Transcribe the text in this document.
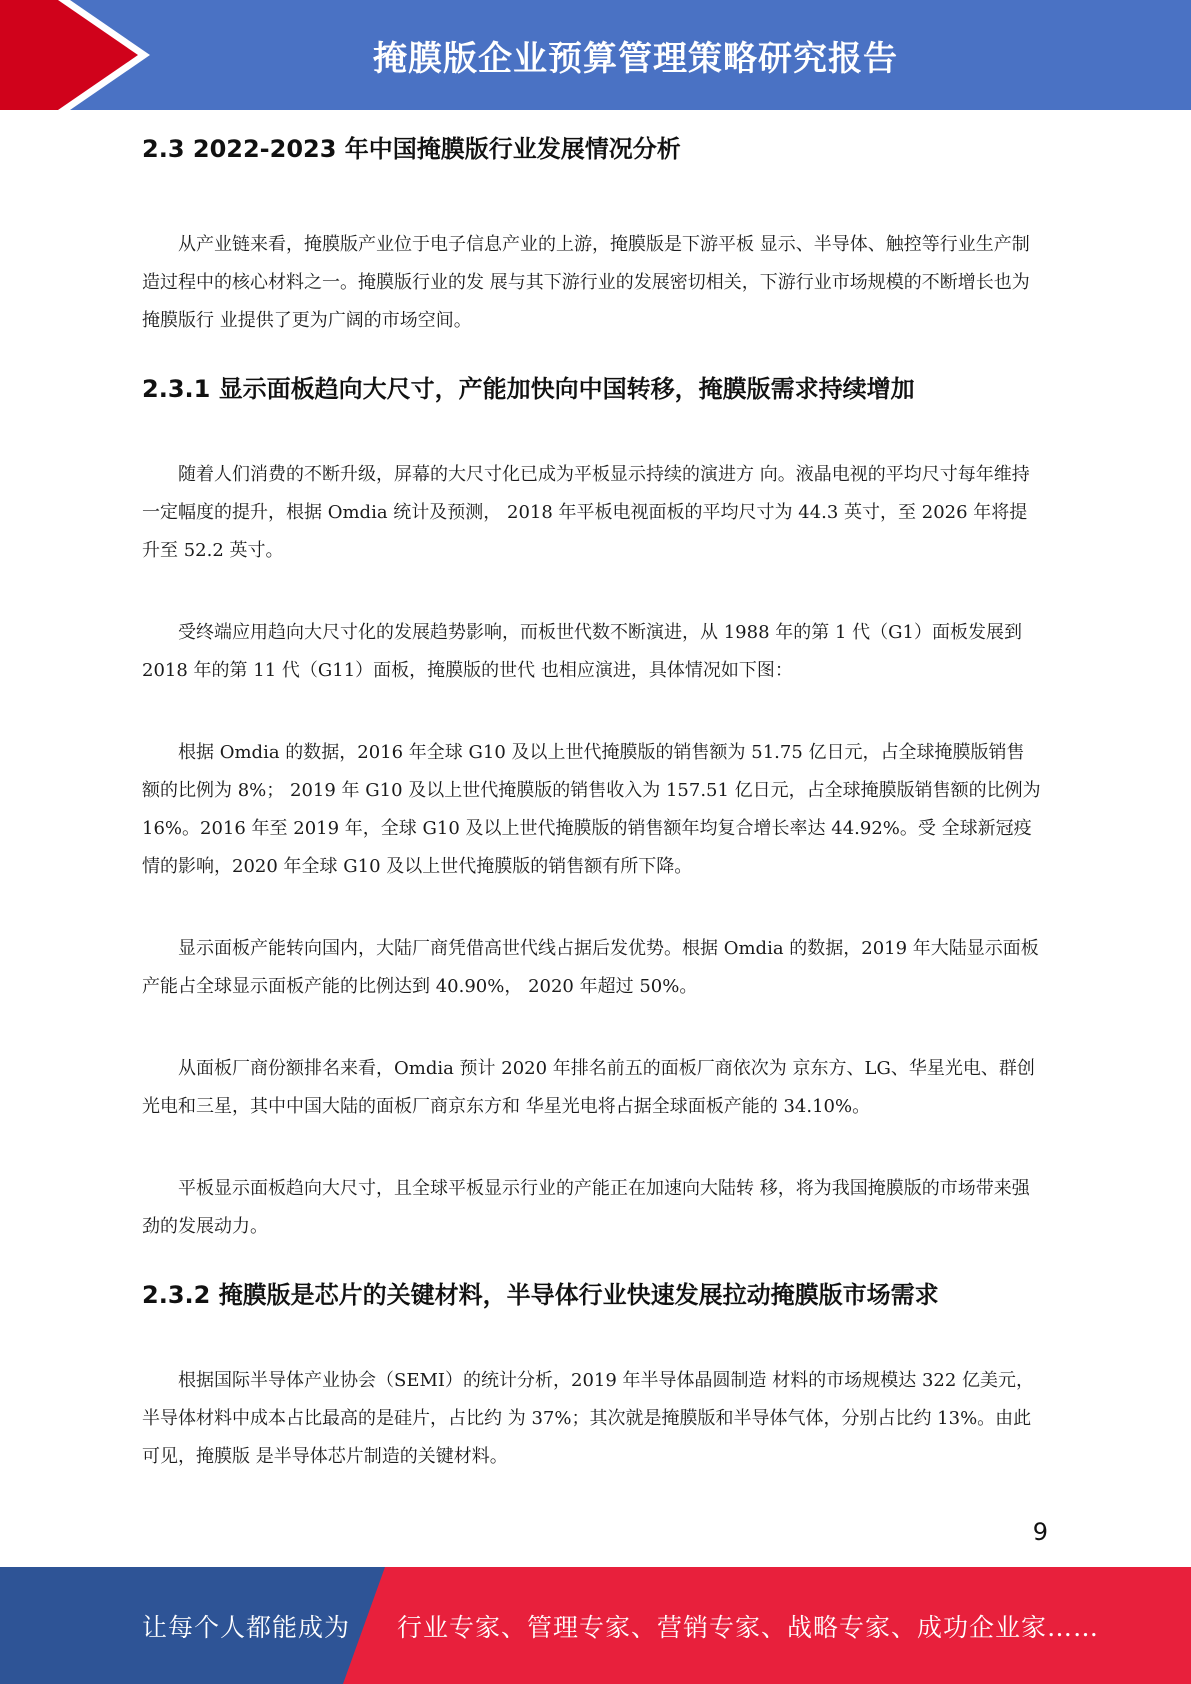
掩膜版企业预算管理策略研究报告
2.3 2022-2023 年中国掩膜版行业发展情况分析

从产业链来看，掩膜版产业位于电子信息产业的上游，掩膜版是下游平板 显示、半导体、触控等行业生产制造过程中的核心材料之一。掩膜版行业的发 展与其下游行业的发展密切相关，下游行业市场规模的不断增长也为掩膜版行 业提供了更为广阔的市场空间。

2.3.1 显示面板趋向大尺寸，产能加快向中国转移，掩膜版需求持续增加

随着人们消费的不断升级，屏幕的大尺寸化已成为平板显示持续的演进方 向。液晶电视的平均尺寸每年维持一定幅度的提升，根据 Omdia 统计及预测， 2018 年平板电视面板的平均尺寸为 44.3 英寸，至 2026 年将提升至 52.2 英寸。

受终端应用趋向大尺寸化的发展趋势影响，而板世代数不断演进，从 1988 年的第 1 代（G1）面板发展到 2018 年的第 11 代（G11）面板，掩膜版的世代 也相应演进，具体情况如下图：

根据 Omdia 的数据，2016 年全球 G10 及以上世代掩膜版的销售额为 51.75 亿日元，占全球掩膜版销售额的比例为 8%； 2019 年 G10 及以上世代掩膜版的销售收入为 157.51 亿日元，占全球掩膜版销售额的比例为 16%。2016 年至 2019 年，全球 G10 及以上世代掩膜版的销售额年均复合增长率达 44.92%。受 全球新冠疫情的影响，2020 年全球 G10 及以上世代掩膜版的销售额有所下降。

显示面板产能转向国内，大陆厂商凭借高世代线占据后发优势。根据 Omdia 的数据，2019 年大陆显示面板产能占全球显示面板产能的比例达到 40.90%， 2020 年超过 50%。

从面板厂商份额排名来看，Omdia 预计 2020 年排名前五的面板厂商依次为 京东方、LG、华星光电、群创光电和三星，其中中国大陆的面板厂商京东方和 华星光电将占据全球面板产能的 34.10%。

平板显示面板趋向大尺寸，且全球平板显示行业的产能正在加速向大陆转 移，将为我国掩膜版的市场带来强劲的发展动力。

2.3.2 掩膜版是芯片的关键材料，半导体行业快速发展拉动掩膜版市场需求

根据国际半导体产业协会（SEMI）的统计分析，2019 年半导体晶圆制造 材料的市场规模达 322 亿美元，半导体材料中成本占比最高的是硅片，占比约 为 37%；其次就是掩膜版和半导体气体，分别占比约 13%。由此可见，掩膜版 是半导体芯片制造的关键材料。

9
让每个人都能成为 行业专家、管理专家、营销专家、战略专家、成功企业家……
